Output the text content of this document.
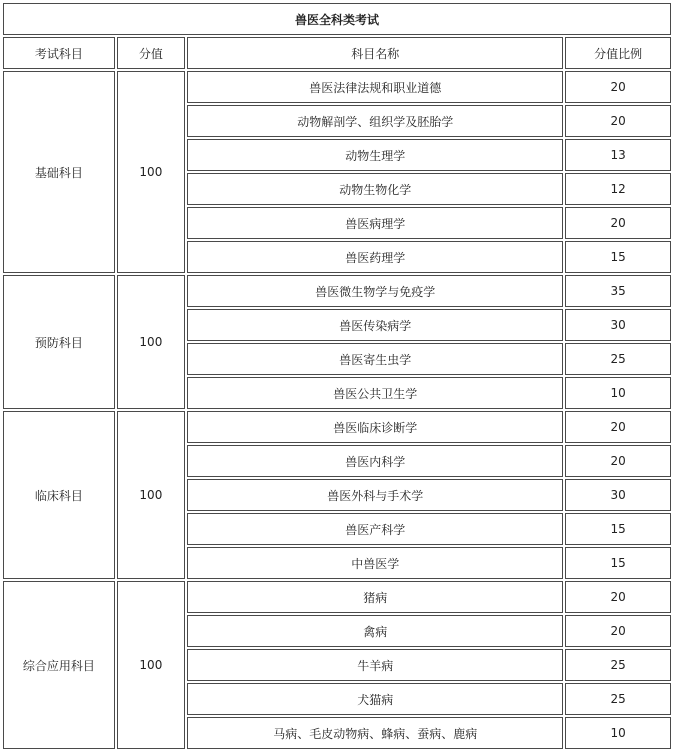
兽医全科类考试			
考试科目	分值	科目名称	分值比例
基础科目	100	兽医法律法规和职业道德	20
		动物解剖学、组织学及胚胎学	20
		动物生理学	13
		动物生物化学	12
		兽医病理学	20
		兽医药理学	15
预防科目	100	兽医微生物学与免疫学	35
		兽医传染病学	30
		兽医寄生虫学	25
		兽医公共卫生学	10
临床科目	100	兽医临床诊断学	20
		兽医内科学	20
		兽医外科与手术学	30
		兽医产科学	15
		中兽医学	15
综合应用科目	100	猪病	20
		禽病	20
		牛羊病	25
		犬猫病	25
		马病、毛皮动物病、蜂病、蚕病、鹿病	10
